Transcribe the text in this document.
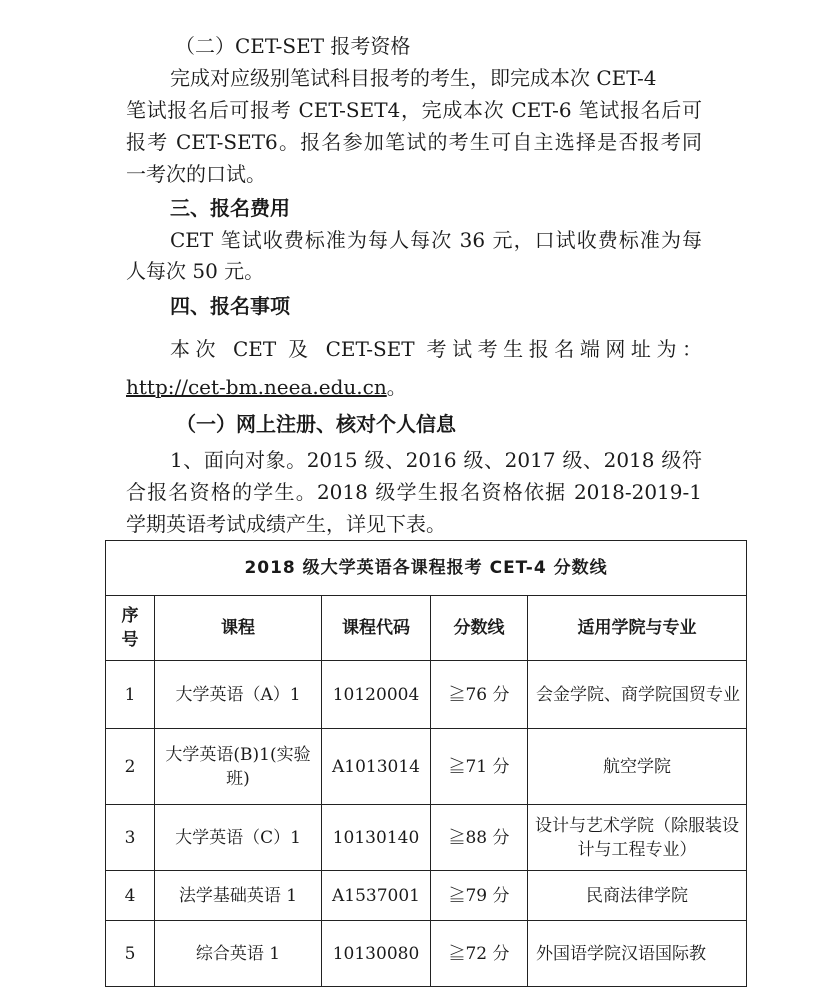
（二）CET-SET 报考资格
完成对应级别笔试科目报考的考生，即完成本次 CET-4
笔试报名后可报考 CET-SET4，完成本次 CET-6 笔试报名后可
报考 CET-SET6。报名参加笔试的考生可自主选择是否报考同
一考次的口试。
三、报名费用
CET 笔试收费标准为每人每次 36 元，口试收费标准为每
人每次 50 元。
四、报名事项
本次 CET 及 CET-SET 考试考生报名端网址为：
http://cet-bm.neea.edu.cn。
（一）网上注册、核对个人信息
1、面向对象。2015 级、2016 级、2017 级、2018 级符
合报名资格的学生。2018 级学生报名资格依据 2018-2019-1
学期英语考试成绩产生，详见下表。
2018 级大学英语各课程报考 CET-4 分数线				
序号	课程	课程代码	分数线	适用学院与专业
1	大学英语（A）1	10120004	≧76 分	会金学院、商学院国贸专业
2	大学英语(B)1(实验班)	A1013014	≧71 分	航空学院
3	大学英语（C）1	10130140	≧88 分	设计与艺术学院（除服装设计与工程专业）
4	法学基础英语 1	A1537001	≧79 分	民商法律学院
5	综合英语 1	10130080	≧72 分	外国语学院汉语国际教
